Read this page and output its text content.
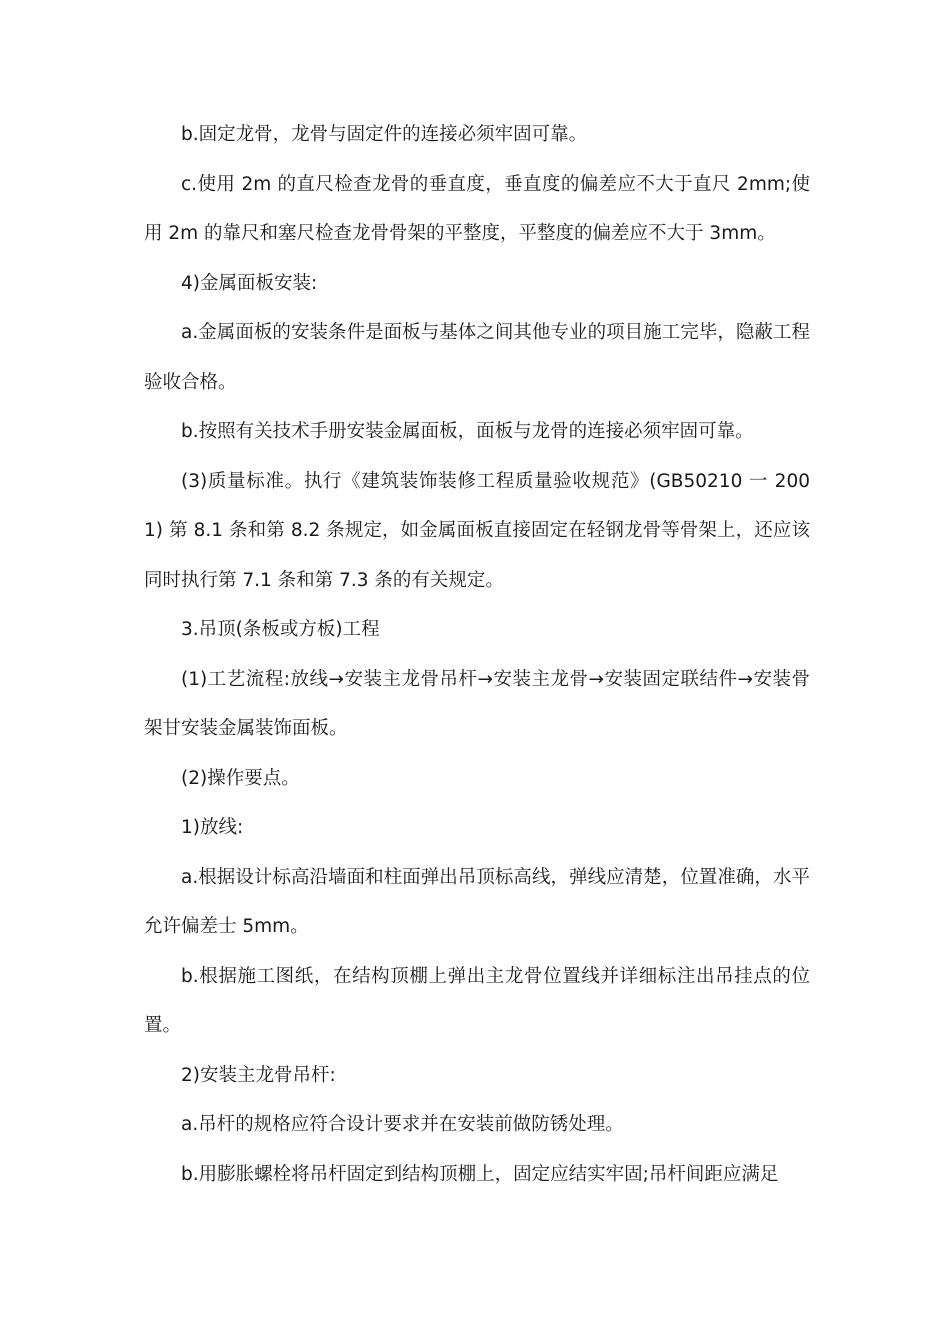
b.固定龙骨，龙骨与固定件的连接必须牢固可靠。

c.使用 2m 的直尺检查龙骨的垂直度，垂直度的偏差应不大于直尺 2mm;使用 2m 的靠尺和塞尺检查龙骨骨架的平整度，平整度的偏差应不大于 3mm。

4)金属面板安装:

a.金属面板的安装条件是面板与基体之间其他专业的项目施工完毕，隐蔽工程验收合格。

b.按照有关技术手册安装金属面板，面板与龙骨的连接必须牢固可靠。

(3)质量标准。执行《建筑装饰装修工程质量验收规范》(GB50210 一 2001) 第 8.1 条和第 8.2 条规定，如金属面板直接固定在轻钢龙骨等骨架上，还应该同时执行第 7.1 条和第 7.3 条的有关规定。

3.吊顶(条板或方板)工程

(1)工艺流程:放线→安装主龙骨吊杆→安装主龙骨→安装固定联结件→安装骨架甘安装金属装饰面板。

(2)操作要点。

1)放线:

a.根据设计标高沿墙面和柱面弹出吊顶标高线，弹线应清楚，位置准确，水平允许偏差士 5mm。

b.根据施工图纸，在结构顶棚上弹出主龙骨位置线并详细标注出吊挂点的位置。

2)安装主龙骨吊杆:

a.吊杆的规格应符合设计要求并在安装前做防锈处理。

b.用膨胀螺栓将吊杆固定到结构顶棚上，固定应结实牢固;吊杆间距应满足
